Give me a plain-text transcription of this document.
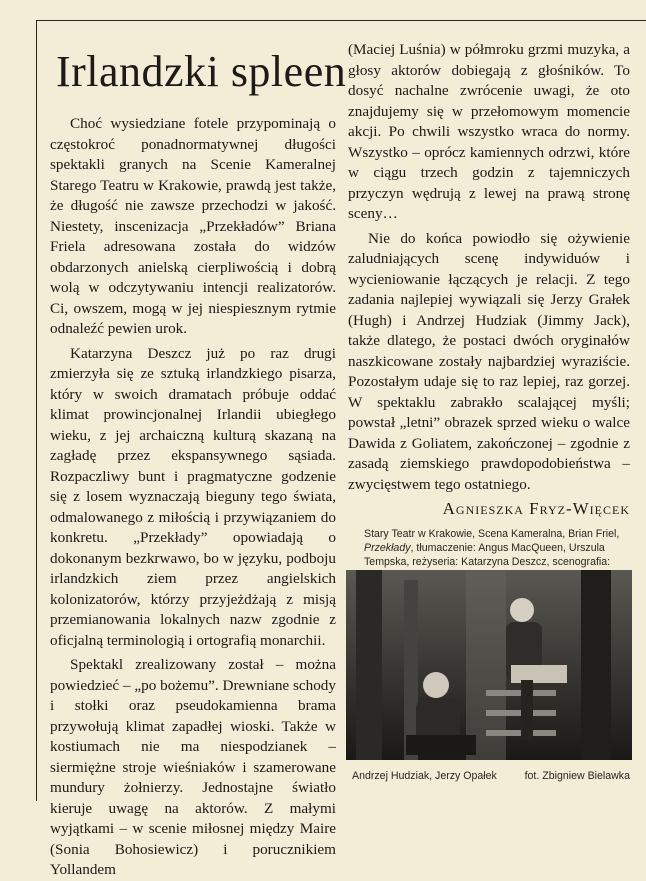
Irlandzki spleen

Choć wysiedziane fotele przypominają o częstokroć ponadnormatywnej długości spektakli granych na Scenie Kameralnej Starego Teatru w Krakowie, prawdą jest także, że długość nie zawsze przechodzi w jakość. Niestety, inscenizacja „Przekładów” Briana Friela adresowana została do widzów obdarzonych anielską cierpliwością i dobrą wolą w odczytywaniu intencji realizatorów. Ci, owszem, mogą w jej niespiesznym rytmie odnaleźć pewien urok.

Katarzyna Deszcz już po raz drugi zmierzyła się ze sztuką irlandzkiego pisarza, który w swoich dramatach próbuje oddać klimat prowincjonalnej Irlandii ubiegłego wieku, z jej archaiczną kulturą skazaną na zagładę przez ekspansywnego sąsiada. Rozpaczliwy bunt i pragmatyczne godzenie się z losem wyznaczają bieguny tego świata, odmalowanego z miłością i przywiązaniem do konkretu. „Przekłady” opowiadają o dokonanym bezkrwawo, bo w języku, podboju irlandzkich ziem przez angielskich kolonizatorów, którzy przyjeżdżają z misją przemianowania lokalnych nazw zgodnie z oficjalną terminologią i ortografią monarchii.

Spektakl zrealizowany został – można powiedzieć – „po bożemu”. Drewniane schody i stołki oraz pseudokamienna brama przywołują klimat zapadłej wioski. Także w kostiumach nie ma niespodzianek – siermiężne stroje wieśniaków i szamerowane mundury żołnierzy. Jednostajne światło kieruje uwagę na aktorów. Z małymi wyjątkami – w scenie miłosnej między Maire (Sonia Bohosiewicz) i porucznikiem Yollandem

(Maciej Luśnia) w półmroku grzmi muzyka, a głosy aktorów dobiegają z głośników. To dosyć nachalne zwrócenie uwagi, że oto znajdujemy się w przełomowym momencie akcji. Po chwili wszystko wraca do normy. Wszystko – oprócz kamiennych odrzwi, które w ciągu trzech godzin z tajemniczych przyczyn wędrują z lewej na prawą stronę sceny…

Nie do końca powiodło się ożywienie zaludniających scenę indywiduów i wycieniowanie łączących je relacji. Z tego zadania najlepiej wywiązali się Jerzy Grałek (Hugh) i Andrzej Hudziak (Jimmy Jack), także dlatego, że postaci dwóch oryginałów naszkicowane zostały najbardziej wyraziście. Pozostałym udaje się to raz lepiej, raz gorzej. W spektaklu zabrakło scalającej myśli; powstał „letni” obrazek sprzed wieku o walce Dawida z Goliatem, zakończonej – zgodnie z zasadą ziemskiego prawdopodobieństwa – zwycięstwem tego ostatniego.

Agnieszka Fryz-Więcek
Stary Teatr w Krakowie, Scena Kameralna, Brian Friel, Przekłady, tłumaczenie: Angus MacQueen, Urszula Tempska, reżyseria: Katarzyna Deszcz, scenografia:
Andrzej Hudziak, Jerzy Opałek	fot. Zbigniew Bielawka
